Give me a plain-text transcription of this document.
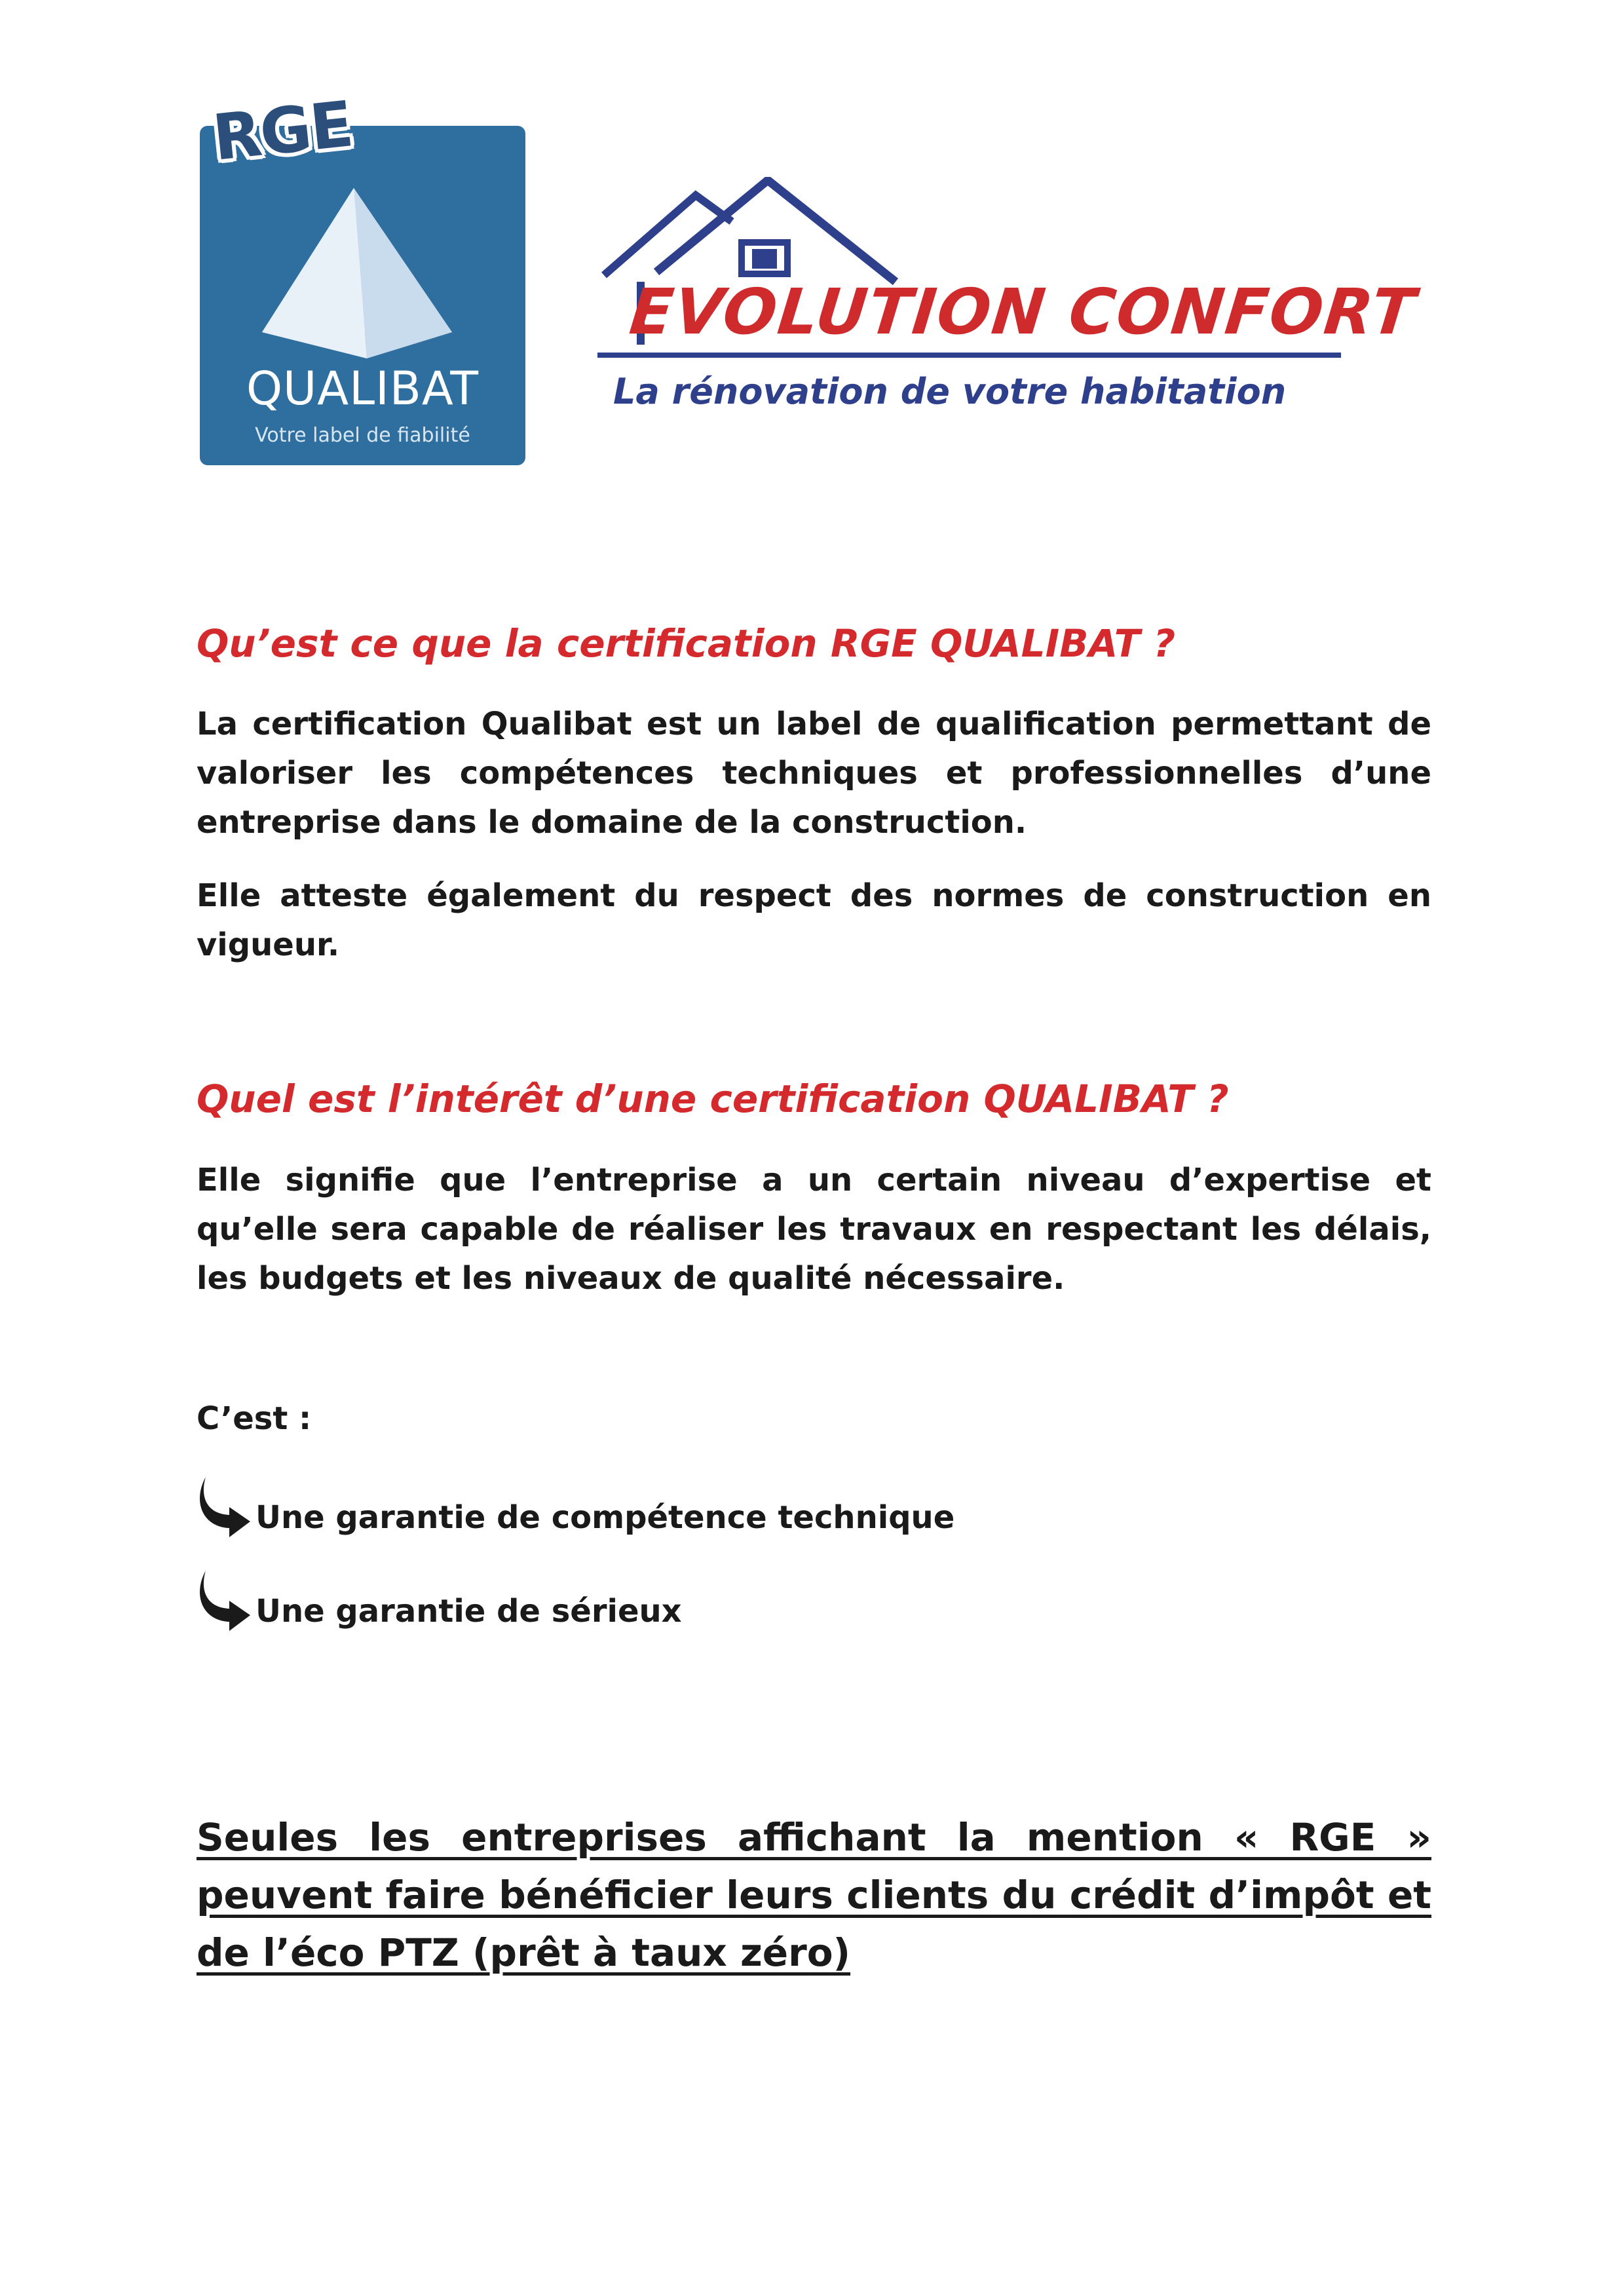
RGE
QUALIBAT
Votre label de fiabilité
EVOLUTION CONFORT
La rénovation de votre habitation
Qu’est ce que la certification RGE QUALIBAT ?
La certification Qualibat est un label de qualification permettant de valoriser les compétences techniques et professionnelles d’une entreprise dans le domaine de la construction.
Elle atteste également du respect des normes de construction en vigueur.
Quel est l’intérêt d’une certification QUALIBAT ?
Elle signifie que l’entreprise a un certain niveau d’expertise et qu’elle sera capable de réaliser les travaux en respectant les délais, les budgets et les niveaux de qualité nécessaire.
C’est :
Une garantie de compétence technique
Une garantie de sérieux
Seules les entreprises affichant la mention « RGE » peuvent faire bénéficier leurs clients du crédit d’impôt et de l’éco PTZ (prêt à taux zéro)
